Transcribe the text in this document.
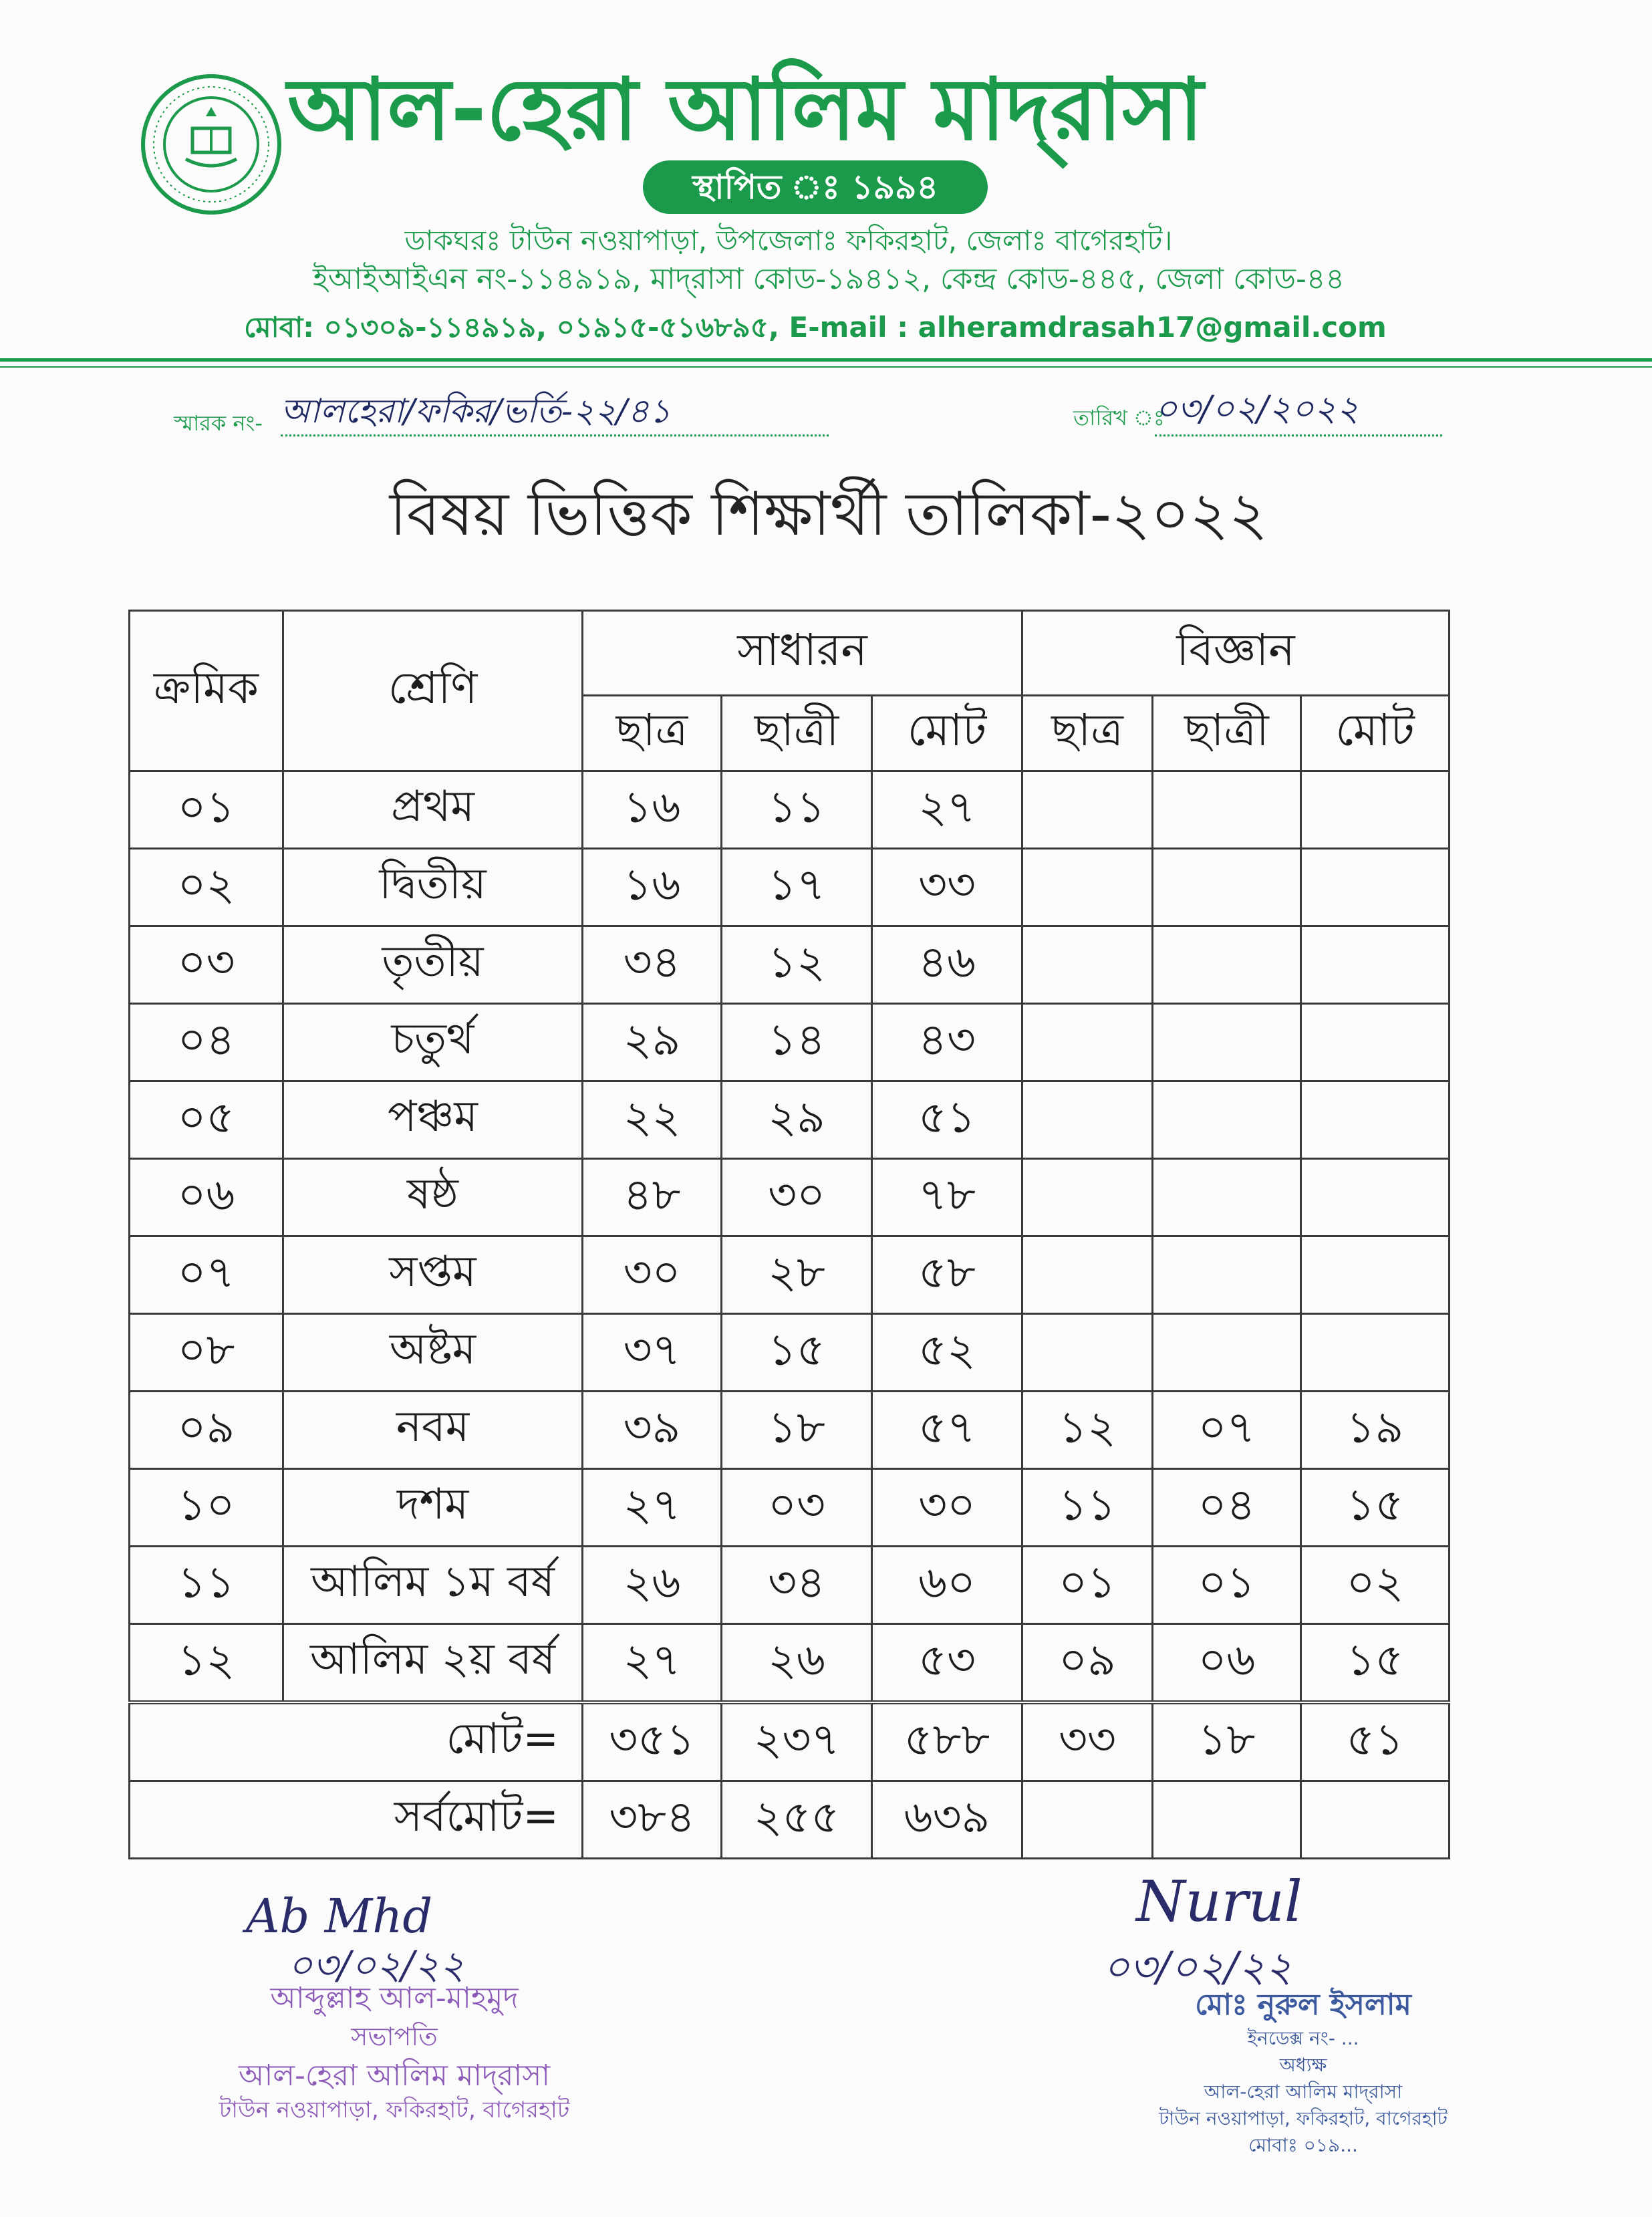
আল-হেরা আলিম মাদ্‌রাসা
স্থাপিত ঃ ১৯৯৪
ডাকঘরঃ টাউন নওয়াপাড়া, উপজেলাঃ ফকিরহাট, জেলাঃ বাগেরহাট।
ইআইআইএন নং-১১৪৯১৯, মাদ্‌রাসা কোড-১৯৪১২, কেন্দ্র কোড-৪৪৫, জেলা কোড-৪৪
মোবা: ০১৩০৯-১১৪৯১৯, ০১৯১৫-৫১৬৮৯৫, E-mail : alheramdrasah17@gmail.com
স্মারক নং- আলহেরা/ফকির/ভর্তি-২২/৪১	তারিখ ঃ
০৩/০২/২০২২
বিষয় ভিত্তিক শিক্ষার্থী তালিকা-২০২২
ক্রমিক	শ্রেণি	সাধারন			বিজ্ঞান		
		ছাত্র	ছাত্রী	মোট	ছাত্র	ছাত্রী	মোট
০১	প্রথম	১৬	১১	২৭			
০২	দ্বিতীয়	১৬	১৭	৩৩			
০৩	তৃতীয়	৩৪	১২	৪৬			
০৪	চতুর্থ	২৯	১৪	৪৩			
০৫	পঞ্চম	২২	২৯	৫১			
০৬	ষষ্ঠ	৪৮	৩০	৭৮			
০৭	সপ্তম	৩০	২৮	৫৮			
০৮	অষ্টম	৩৭	১৫	৫২			
০৯	নবম	৩৯	১৮	৫৭	১২	০৭	১৯
১০	দশম	২৭	০৩	৩০	১১	০৪	১৫
১১	আলিম ১ম বর্ষ	২৬	৩৪	৬০	০১	০১	০২
১২	আলিম ২য় বর্ষ	২৭	২৬	৫৩	০৯	০৬	১৫
মোট=		৩৫১	২৩৭	৫৮৮	৩৩	১৮	৫১
সর্বমোট=		৩৮৪	২৫৫	৬৩৯			
Ab Mhd
০৩/০২/২২
আব্দুল্লাহ আল-মাহমুদ
সভাপতি
আল-হেরা আলিম মাদ্‌রাসা
টাউন নওয়াপাড়া, ফকিরহাট, বাগেরহাট
Nurul
০৩/০২/২২
মোঃ নুরুল ইসলাম
ইনডেক্স নং- ...
অধ্যক্ষ
আল-হেরা আলিম মাদ্‌রাসা
টাউন নওয়াপাড়া, ফকিরহাট, বাগেরহাট
মোবাঃ ০১৯...
